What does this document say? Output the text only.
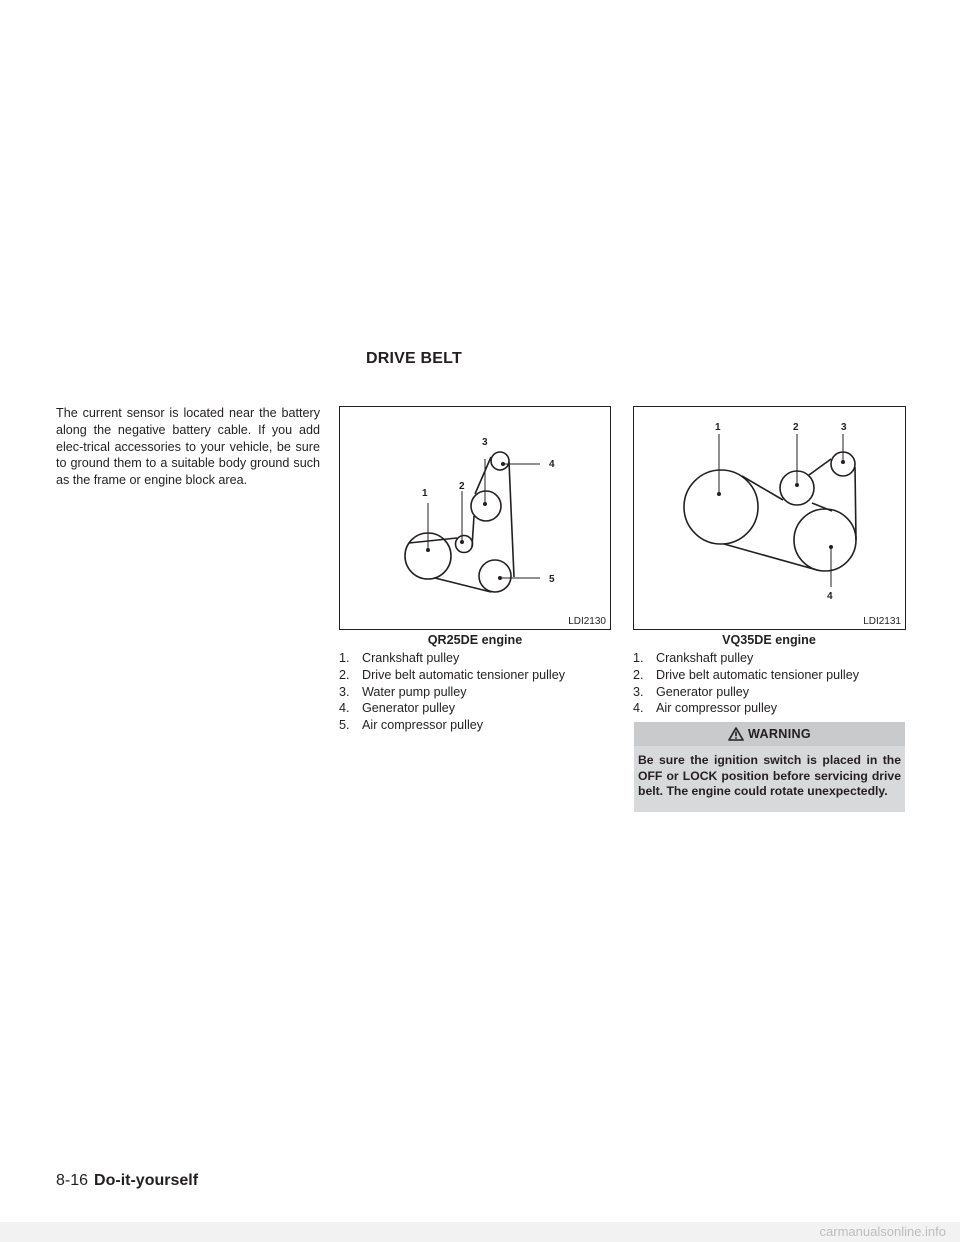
DRIVE BELT

The current sensor is located near the battery along the negative battery cable. If you add elec-trical accessories to your vehicle, be sure to ground them to a suitable body ground such as the frame or engine block area.

1
2
3
4
5
LDI2130
QR25DE engine
1. Crankshaft pulley
2. Drive belt automatic tensioner pulley
3. Water pump pulley
4. Generator pulley
5. Air compressor pulley
1	2	3
4
LDI2131
VQ35DE engine
1. Crankshaft pulley
2. Drive belt automatic tensioner pulley
3. Generator pulley
4. Air compressor pulley
WARNING

Be sure the ignition switch is placed in the OFF or LOCK position before servicing drive belt. The engine could rotate unexpectedly.

8-16 Do-it-yourself
carmanualsonline.info
